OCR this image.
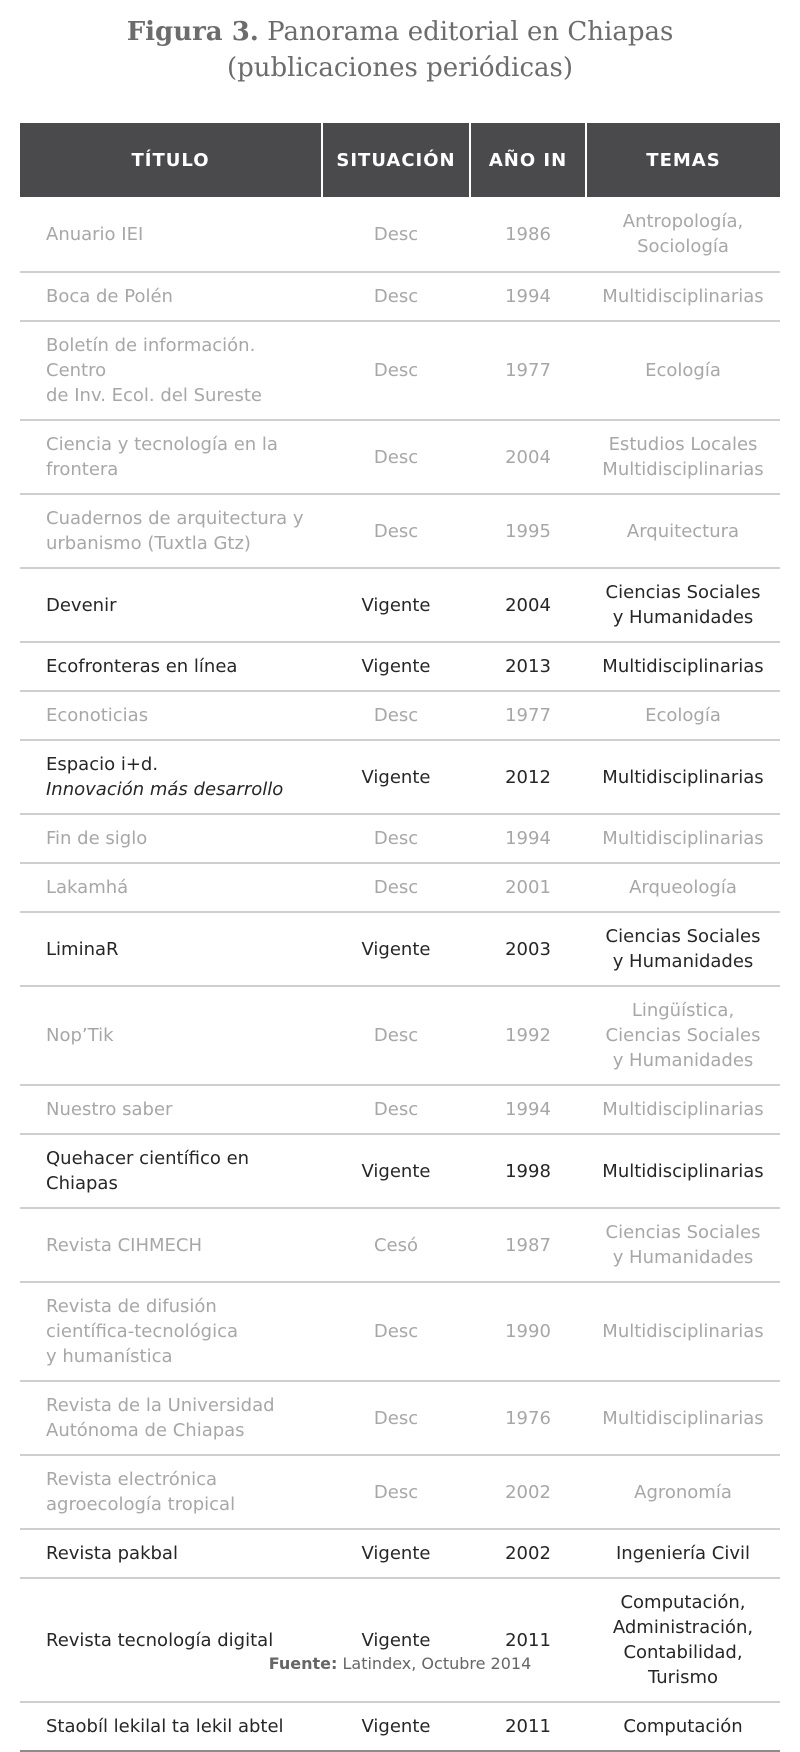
Figura 3. Panorama editorial en Chiapas
(publicaciones periódicas)
TÍTULO	SITUACIÓN	AÑO IN	TEMAS

Anuario IEI	Desc	1986	Antropología,
Sociología

Boca de Polén	Desc	1994	Multidisciplinarias

Boletín de información. Centro
de Inv. Ecol. del Sureste	Desc	1977	Ecología

Ciencia y tecnología en la
frontera	Desc	2004	Estudios Locales
Multidisciplinarias

Cuadernos de arquitectura y
urbanismo (Tuxtla Gtz)	Desc	1995	Arquitectura

Devenir	Vigente	2004	Ciencias Sociales
y Humanidades

Ecofronteras en línea	Vigente	2013	Multidisciplinarias

Econoticias	Desc	1977	Ecología

Espacio i+d.
Innovación más desarrollo	Vigente	2012	Multidisciplinarias

Fin de siglo	Desc	1994	Multidisciplinarias

Lakamhá	Desc	2001	Arqueología

LiminaR	Vigente	2003	Ciencias Sociales
y Humanidades

Nop’Tik	Desc	1992	Lingüística,
Ciencias Sociales
y Humanidades

Nuestro saber	Desc	1994	Multidisciplinarias

Quehacer científico en Chiapas	Vigente	1998	Multidisciplinarias

Revista CIHMECH	Cesó	1987	Ciencias Sociales
y Humanidades

Revista de difusión
científica-tecnológica
y humanística	Desc	1990	Multidisciplinarias

Revista de la Universidad
Autónoma de Chiapas	Desc	1976	Multidisciplinarias

Revista electrónica
agroecología tropical	Desc	2002	Agronomía

Revista pakbal	Vigente	2002	Ingeniería Civil

Revista tecnología digital	Vigente	2011	Computación,
Administración,
Contabilidad,
Turismo

Staobíl lekilal ta lekil abtel	Vigente	2011	Computación
Fuente: Latindex, Octubre 2014
